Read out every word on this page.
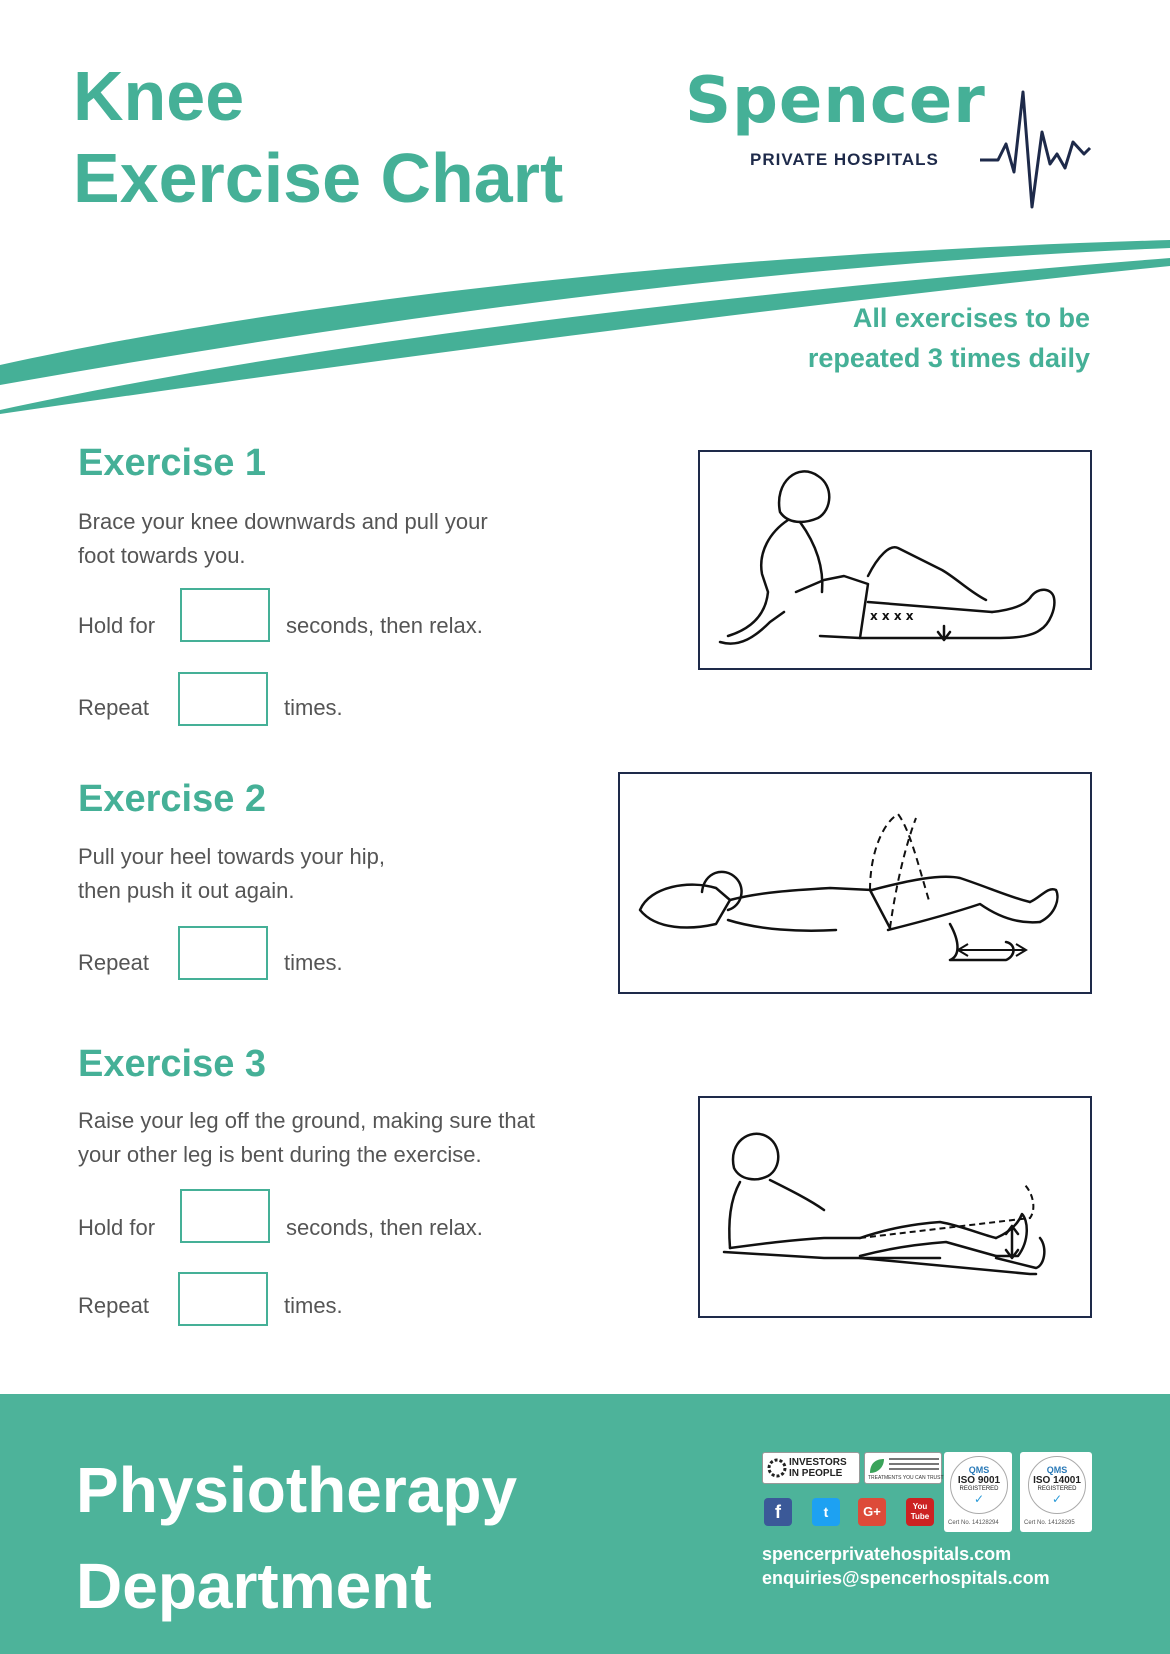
Knee
Exercise Chart
Spencer
PRIVATE HOSPITALS
All exercises to be
repeated 3 times daily
Exercise 1
Brace your knee downwards and pull your
foot towards you.
Hold for	seconds, then relax.
Repeat	times.
x x x x
Exercise 2
Pull your heel towards your hip,
then push it out again.
Repeat	times.
Exercise 3
Raise your leg off the ground, making sure that
your other leg is bent during the exercise.
Hold for	seconds, then relax.
Repeat	times.
Physiotherapy
Department
INVESTORS
IN PEOPLE	TREATMENTS YOU CAN TRUST
QMS
ISO 9001
REGISTERED
✓
Cert No. 14128294
QMS
ISO 14001
REGISTERED
✓
Cert No. 14128295
f	t	G+	You
Tube
spencerprivatehospitals.com
enquiries@spencerhospitals.com
